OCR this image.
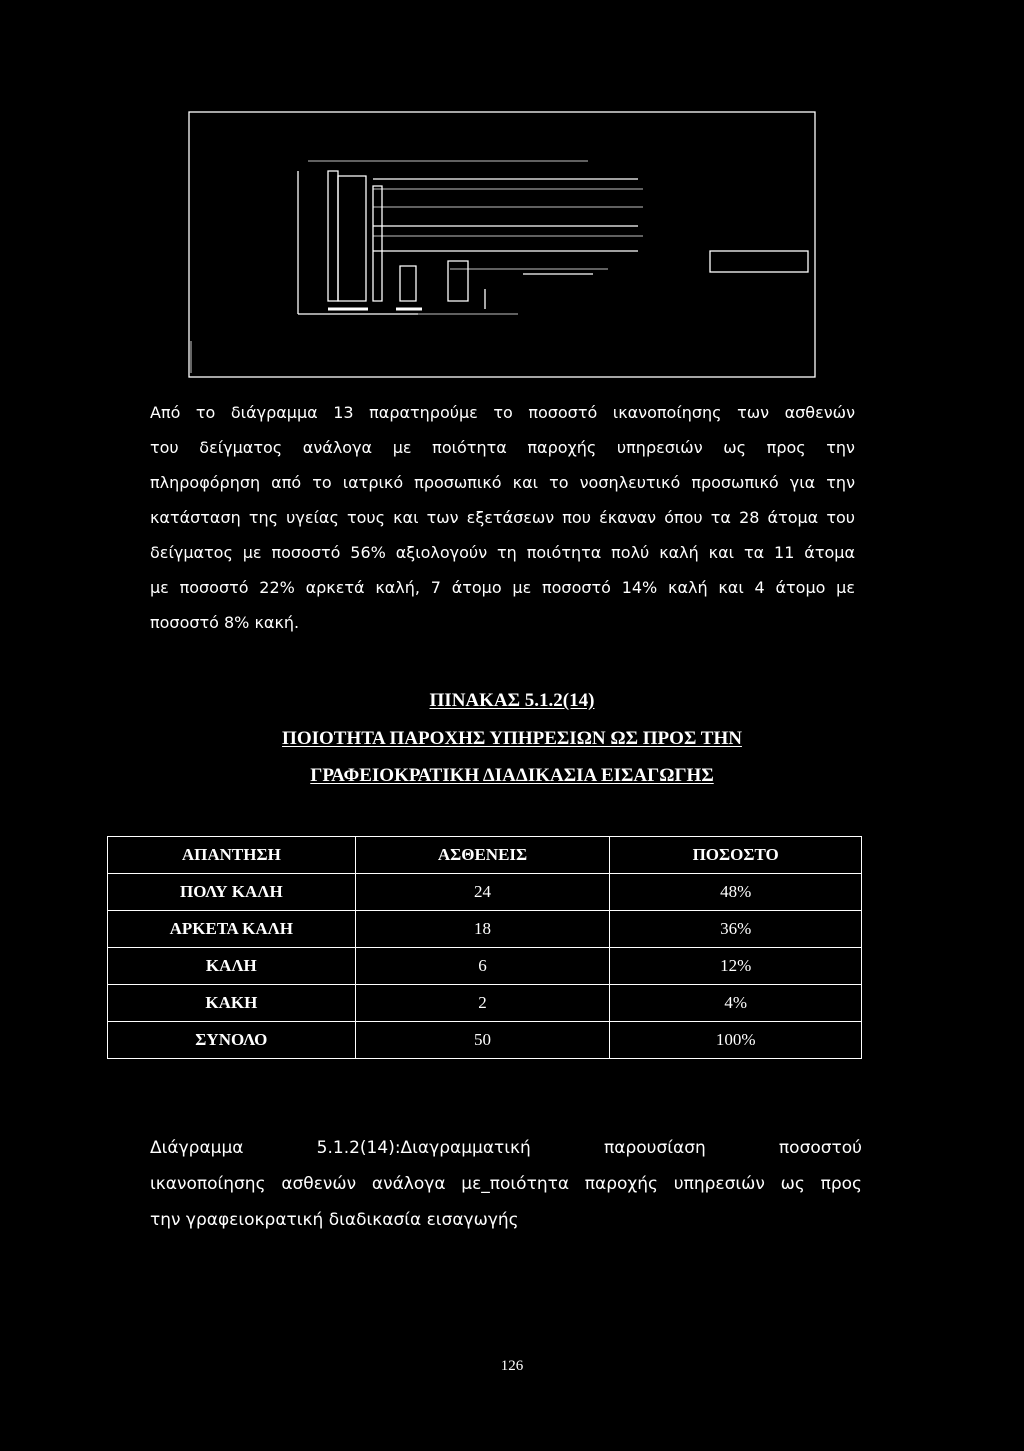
Από το διάγραμμα 13 παρατηρούμε το ποσοστό ικανοποίησης των ασθενών
του δείγματος ανάλογα με ποιότητα παροχής υπηρεσιών ως προς την
πληροφόρηση από το ιατρικό προσωπικό και το νοσηλευτικό προσωπικό για την
κατάσταση της υγείας τους και των εξετάσεων που έκαναν όπου τα 28 άτομα του
δείγματος με ποσοστό 56% αξιολογούν τη ποιότητα πολύ καλή και τα 11 άτομα
με ποσοστό 22% αρκετά καλή, 7 άτομο με ποσοστό 14% καλή και 4 άτομο με
ποσοστό 8% κακή.

ΠΙΝΑΚΑΣ 5.1.2(14)

ΠΟΙΟΤΗΤΑ ΠΑΡΟΧΗΣ ΥΠΗΡΕΣΙΩΝ ΩΣ ΠΡΟΣ ΤΗΝ

ΓΡΑΦΕΙΟΚΡΑΤΙΚΗ ΔΙΑΔΙΚΑΣΙΑ ΕΙΣΑΓΩΓΗΣ

ΑΠΑΝΤΗΣΗ	ΑΣΘΕΝΕΙΣ	ΠΟΣΟΣΤΟ
ΠΟΛΥ ΚΑΛΗ	24	48%
ΑΡΚΕΤΑ ΚΑΛΗ	18	36%
ΚΑΛΗ	6	12%
ΚΑΚΗ	2	4%
ΣΥΝΟΛΟ	50	100%
Διάγραμμα 5.1.2(14):Διαγραμματική παρουσίαση ποσοστού
ικανοποίησης ασθενών ανάλογα με_ποιότητα παροχής υπηρεσιών ως προς
την γραφειοκρατική διαδικασία εισαγωγής
126
